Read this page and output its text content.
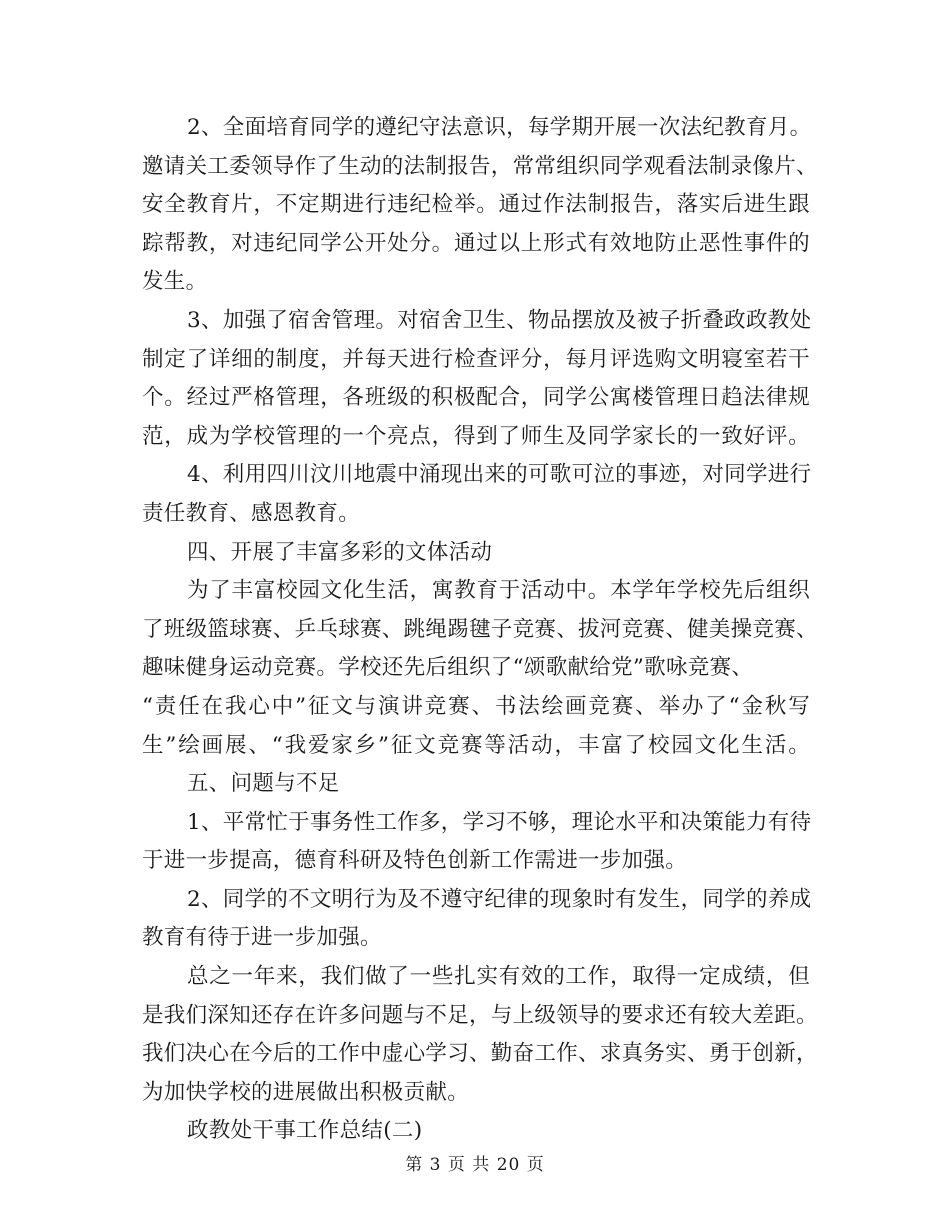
2、全面培育同学的遵纪守法意识，每学期开展一次法纪教育月。
邀请关工委领导作了生动的法制报告，常常组织同学观看法制录像片、
安全教育片，不定期进行违纪检举。通过作法制报告，落实后进生跟
踪帮教，对违纪同学公开处分。通过以上形式有效地防止恶性事件的
发生。
3、加强了宿舍管理。对宿舍卫生、物品摆放及被子折叠政政教处
制定了详细的制度，并每天进行检查评分，每月评选购文明寝室若干
个。经过严格管理，各班级的积极配合，同学公寓楼管理日趋法律规
范，成为学校管理的一个亮点，得到了师生及同学家长的一致好评。
4、利用四川汶川地震中涌现出来的可歌可泣的事迹，对同学进行
责任教育、感恩教育。
四、开展了丰富多彩的文体活动
为了丰富校园文化生活，寓教育于活动中。本学年学校先后组织
了班级篮球赛、乒乓球赛、跳绳踢毽子竞赛、拔河竞赛、健美操竞赛、
趣味健身运动竞赛。学校还先后组织了“颂歌献给党”歌咏竞赛、
“责任在我心中”征文与演讲竞赛、书法绘画竞赛、举办了“金秋写
生”绘画展、“我爱家乡”征文竞赛等活动，丰富了校园文化生活。
五、问题与不足
1、平常忙于事务性工作多，学习不够，理论水平和决策能力有待
于进一步提高，德育科研及特色创新工作需进一步加强。
2、同学的不文明行为及不遵守纪律的现象时有发生，同学的养成
教育有待于进一步加强。
总之一年来，我们做了一些扎实有效的工作，取得一定成绩，但
是我们深知还存在许多问题与不足，与上级领导的要求还有较大差距。
我们决心在今后的工作中虚心学习、勤奋工作、求真务实、勇于创新，
为加快学校的进展做出积极贡献。
政教处干事工作总结(二)
第 3 页 共 20 页
